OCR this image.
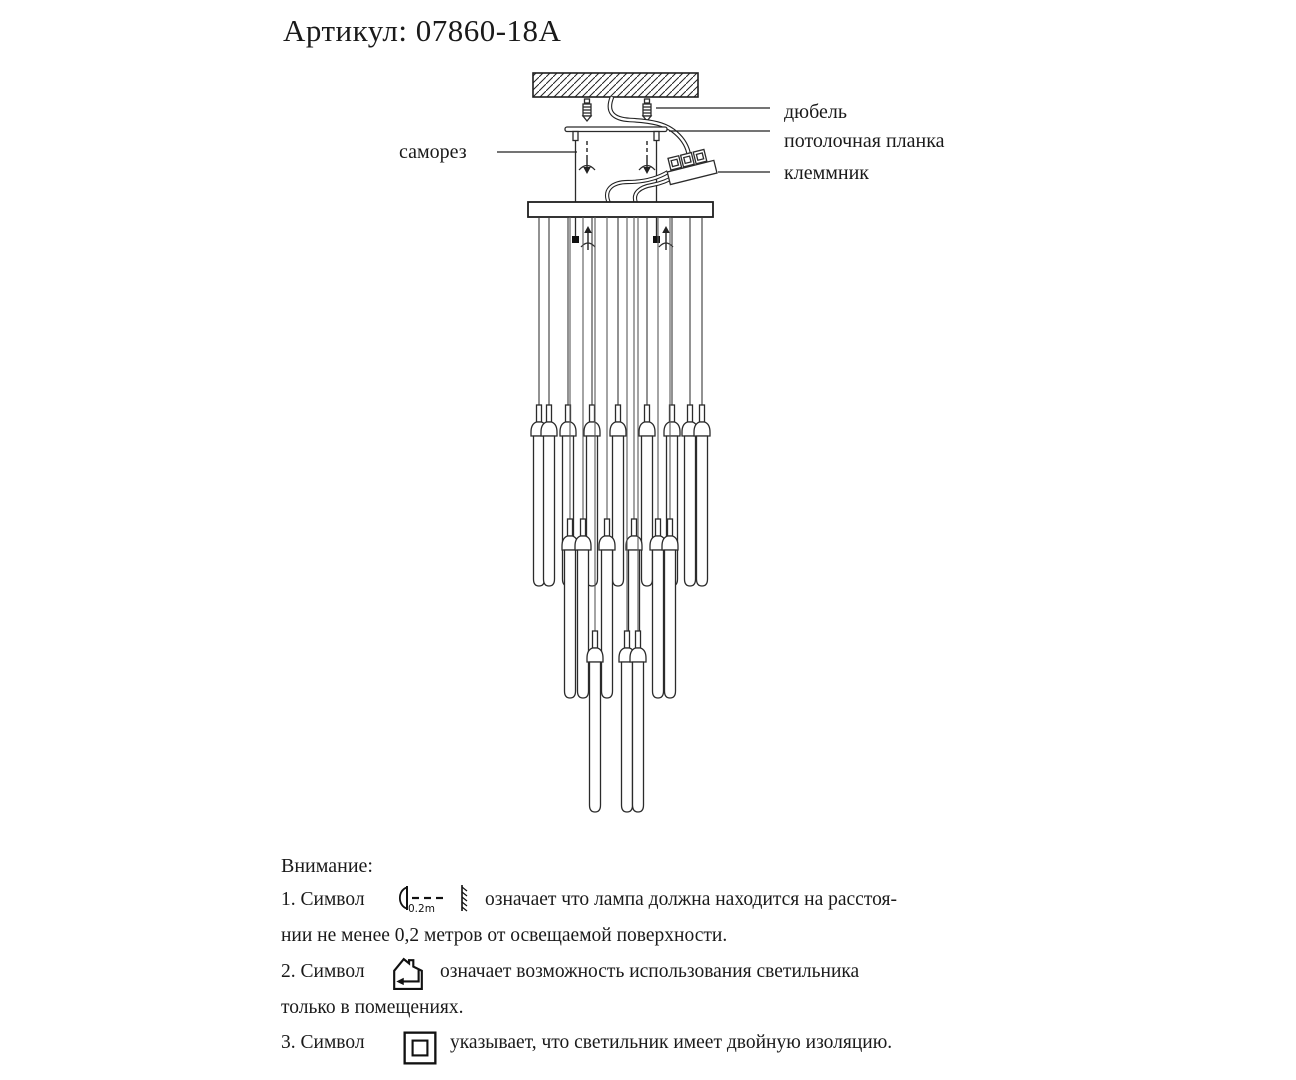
Артикул: 07860-18А
саморез
дюбель
потолочная планка
клеммник
Внимание:
1. Символ	0.2m	означает что лампа должна находится на расстоя-
нии не менее 0,2 метров от освещаемой поверхности.
2. Символ	означает возможность использования светильника
только в помещениях.
3. Символ	указывает, что светильник имеет двойную изоляцию.
